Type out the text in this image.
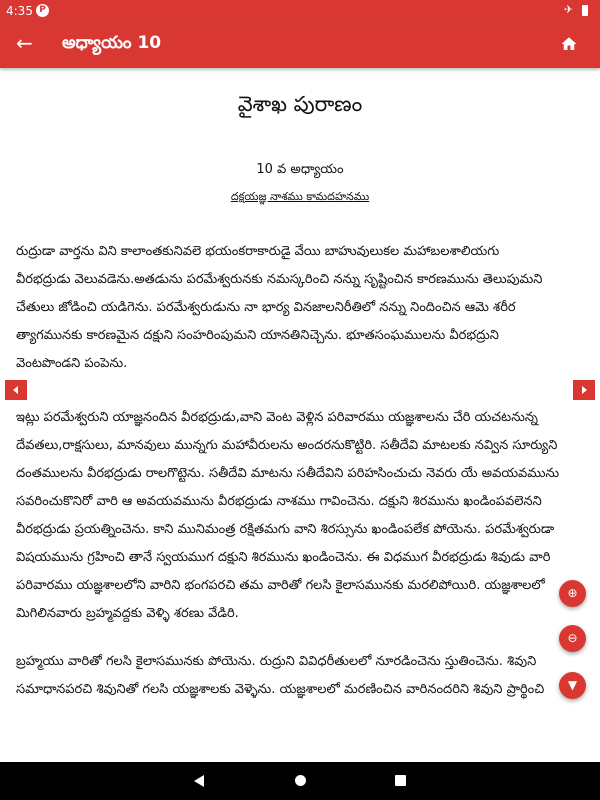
4:35 P	✈
← అధ్యాయం 10
వైశాఖ పురాణం
10 వ అధ్యాయం
దక్షయజ్ఞ నాశము కామదహనము
రుద్రుడా వార్తను విని కాలాంతకునివలె భయంకరాకారుడై వేయి బాహువులుకల మహాబలశాలియగు
వీరభద్రుడు వెలువడెను.అతడును పరమేశ్వరునకు నమస్కరించి నన్ను సృష్టించిన కారణమును తెలుపుమని
చేతులు జోడించి యడిగెను. పరమేశ్వరుడును నా భార్య వినజాలనిరీతిలో నన్ను నిందించిన ఆమె శరీర
త్యాగమునకు కారణమైన దక్షుని సంహరింపుమని యానతినిచ్చెను. భూతసంఘములను వీరభద్రుని
వెంటపొండని పంపెను.
ఇట్లు పరమేశ్వరుని యాజ్ఞనందిన వీరభద్రుడు,వాని వెంట వెళ్లిన పరివారము యజ్ఞశాలను చేరి యచటనున్న
దేవతలు,రాక్షసులు, మానవులు మున్నగు మహావీరులను అందరనుకొట్టిరి. సతీదేవి మాటలకు నవ్విన సూర్యుని
దంతములను వీరభద్రుడు రాలగొట్టెను. సతీదేవి మాటను సతీదేవిని పరిహసించుచు నెవరు యే అవయవమును
సవరించుకొనిరో వారి ఆ అవయవమును వీరభద్రుడు నాశము గావించెను. దక్షుని శిరమును ఖండింపవలెనని
వీరభద్రుడు ప్రయత్నించెను. కాని మునిమంత్ర రక్షితమగు వాని శిరస్సును ఖండింపలేక పోయెను. పరమేశ్వరుడా
విషయమును గ్రహించి తానే స్వయముగ దక్షుని శిరమును ఖండించెను. ఈ విధముగ వీరభద్రుడు శివుడు వారి
పరివారము యజ్ఞశాలలోని వారిని భంగపరచి తమ వారితో గలసి కైలాసమునకు మరలిపోయిరి. యజ్ఞశాలలో
మిగిలినవారు బ్రహ్మవద్దకు వెళ్ళి శరణు వేడిరి.
బ్రహ్మయు వారితో గలసి కైలాసమునకు పోయెను. రుద్రుని వివిధరీతులలో నూరడించెను స్తుతించెను. శివుని
సమాధానపరచి శివునితో గలసి యజ్ఞశాలకు వెళ్ళెను. యజ్ఞశాలలో మరణించిన వారినందరిని శివుని ప్రార్థించి
⊕
⊖
▼
